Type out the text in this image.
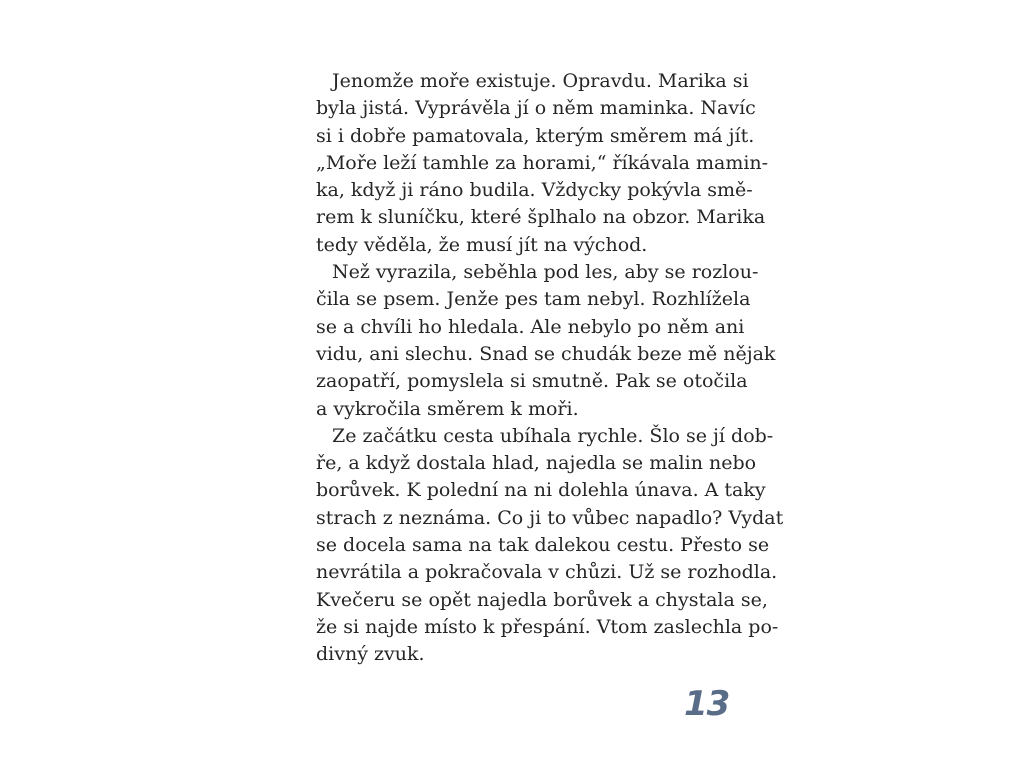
Jenomže moře existuje. Opravdu. Marika si
byla jistá. Vyprávěla jí o něm maminka. Navíc
si i dobře pamatovala, kterým směrem má jít.
„Moře leží tamhle za horami,“ říkávala mamin-
ka, když ji ráno budila. Vždycky pokývla smě-
rem k sluníčku, které šplhalo na obzor. Marika
tedy věděla, že musí jít na východ.
Než vyrazila, seběhla pod les, aby se rozlou-
čila se psem. Jenže pes tam nebyl. Rozhlížela
se a chvíli ho hledala. Ale nebylo po něm ani
vidu, ani slechu. Snad se chudák beze mě nějak
zaopatří, pomyslela si smutně. Pak se otočila
a vykročila směrem k moři.
Ze začátku cesta ubíhala rychle. Šlo se jí dob-
ře, a když dostala hlad, najedla se malin nebo
borůvek. K polední na ni dolehla únava. A taky
strach z neznáma. Co ji to vůbec napadlo? Vydat
se docela sama na tak dalekou cestu. Přesto se
nevrátila a pokračovala v chůzi. Už se rozhodla.
Kvečeru se opět najedla borůvek a chystala se,
že si najde místo k přespání. Vtom zaslechla po-
divný zvuk.
13
